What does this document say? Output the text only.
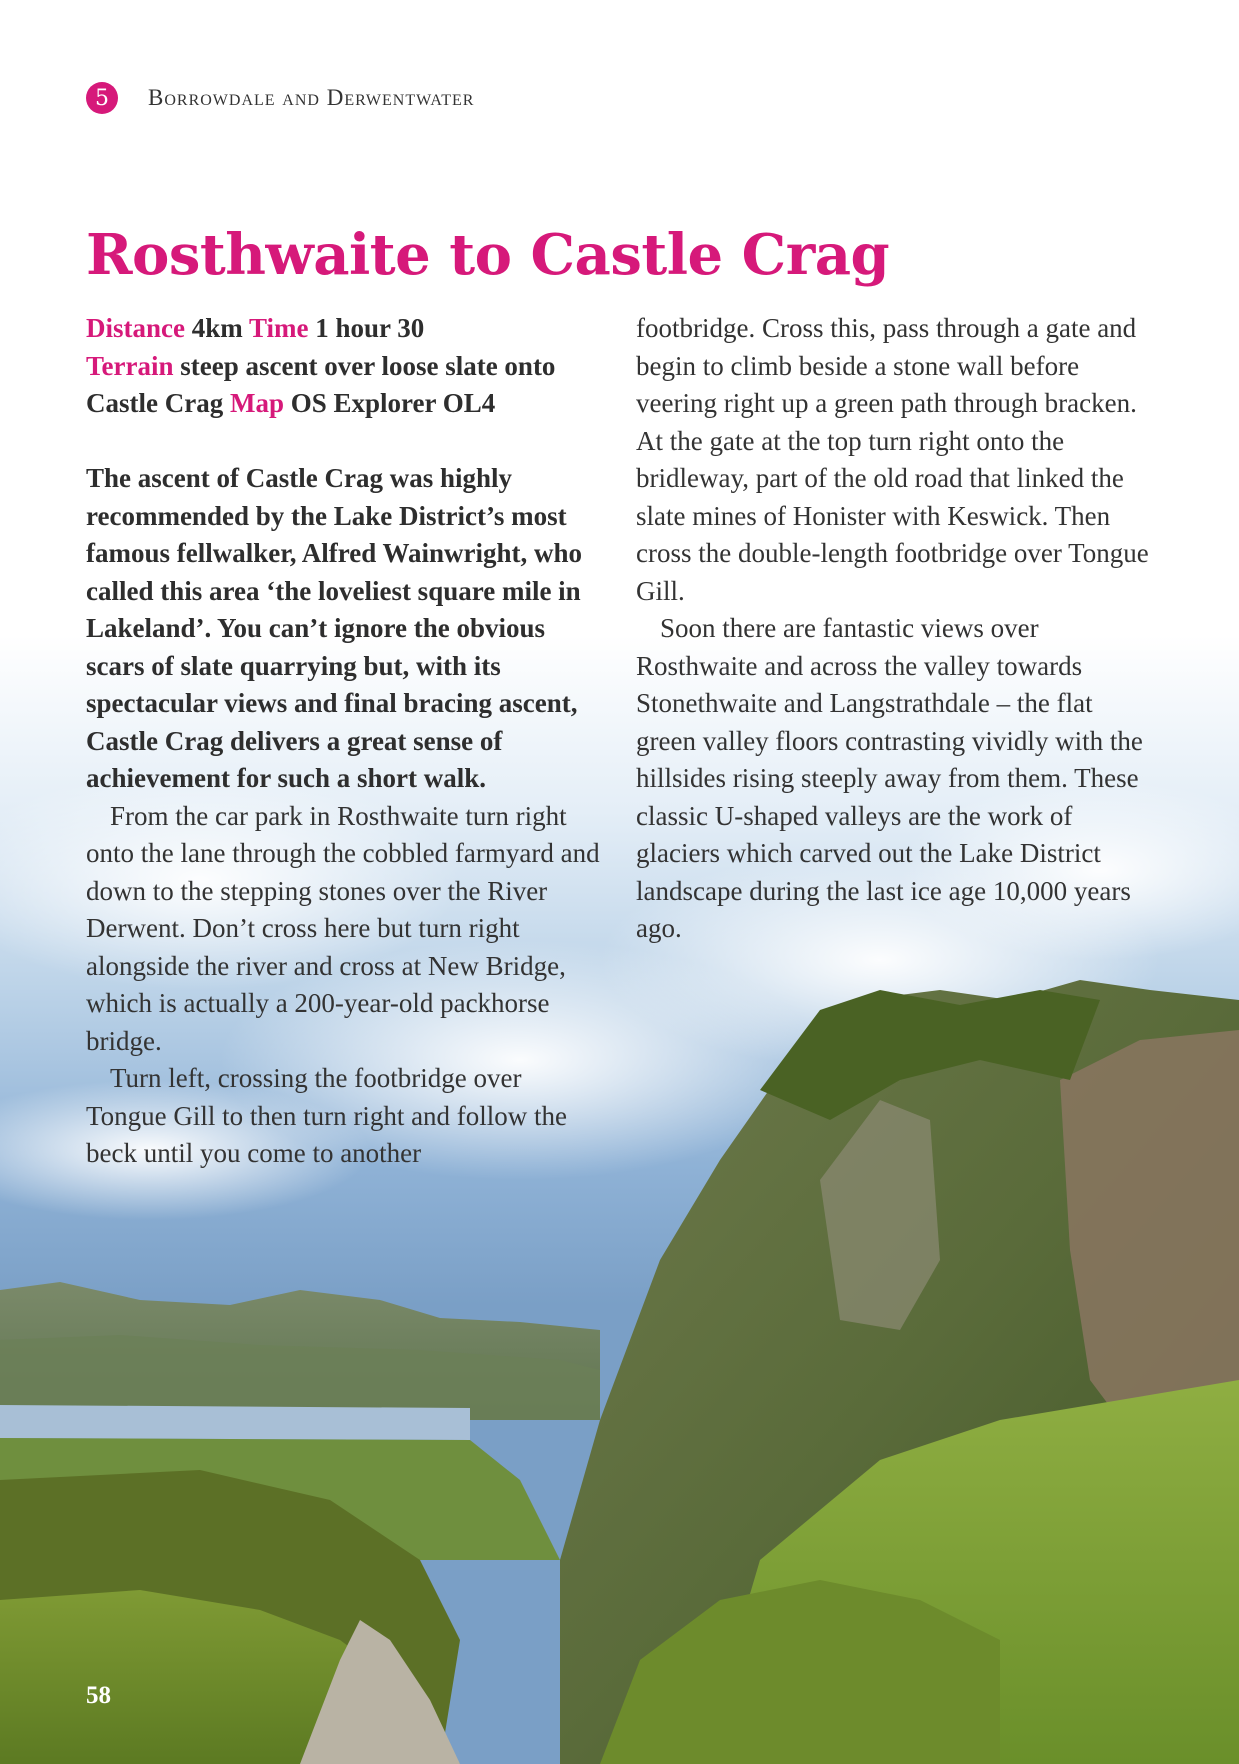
5	Borrowdale and Derwentwater
Rosthwaite to Castle Crag

Distance 4km Time 1 hour 30
Terrain steep ascent over loose slate onto Castle Crag Map OS Explorer OL4

The ascent of Castle Crag was highly recommended by the Lake District’s most famous fellwalker, Alfred Wainwright, who called this area ‘the loveliest square mile in Lakeland’. You can’t ignore the obvious scars of slate quarrying but, with its spectacular views and final bracing ascent, Castle Crag delivers a great sense of achievement for such a short walk.

From the car park in Rosthwaite turn right onto the lane through the cobbled farmyard and down to the stepping stones over the River Derwent. Don’t cross here but turn right alongside the river and cross at New Bridge, which is actually a 200-year-old packhorse bridge.

Turn left, crossing the footbridge over Tongue Gill to then turn right and follow the beck until you come to another

footbridge. Cross this, pass through a gate and begin to climb beside a stone wall before veering right up a green path through bracken. At the gate at the top turn right onto the bridleway, part of the old road that linked the slate mines of Honister with Keswick. Then cross the double-length footbridge over Tongue Gill.

Soon there are fantastic views over Rosthwaite and across the valley towards Stonethwaite and Langstrathdale – the flat green valley floors contrasting vividly with the hillsides rising steeply away from them. These classic U-shaped valleys are the work of glaciers which carved out the Lake District landscape during the last ice age 10,000 years ago.

58
